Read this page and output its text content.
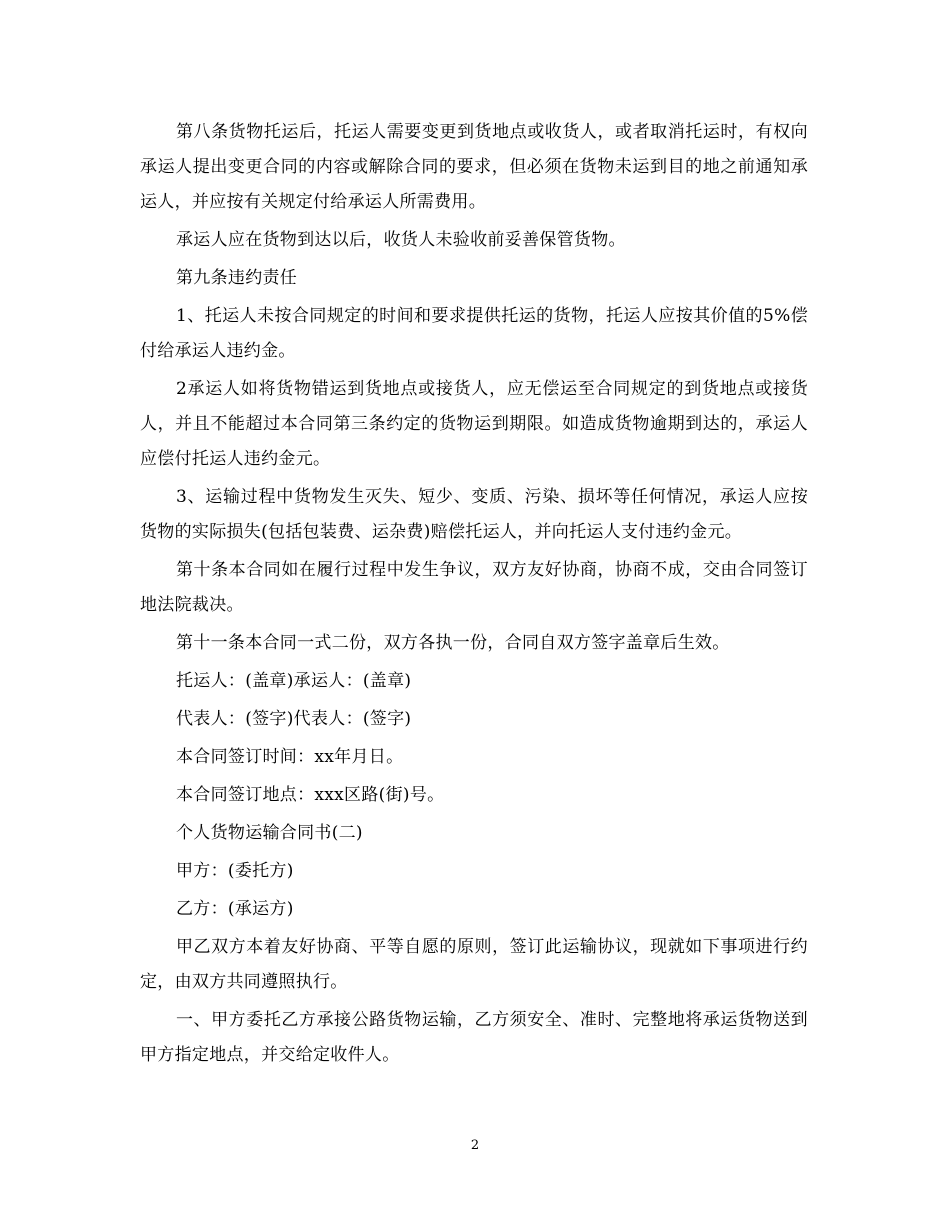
第八条货物托运后，托运人需要变更到货地点或收货人，或者取消托运时，有权向承运人提出变更合同的内容或解除合同的要求，但必须在货物未运到目的地之前通知承运人，并应按有关规定付给承运人所需费用。

承运人应在货物到达以后，收货人未验收前妥善保管货物。

第九条违约责任

1、托运人未按合同规定的时间和要求提供托运的货物，托运人应按其价值的5%偿付给承运人违约金。

2承运人如将货物错运到货地点或接货人，应无偿运至合同规定的到货地点或接货人，并且不能超过本合同第三条约定的货物运到期限。如造成货物逾期到达的，承运人应偿付托运人违约金元。

3、运输过程中货物发生灭失、短少、变质、污染、损坏等任何情况，承运人应按货物的实际损失(包括包装费、运杂费)赔偿托运人，并向托运人支付违约金元。

第十条本合同如在履行过程中发生争议，双方友好协商，协商不成，交由合同签订地法院裁决。

第十一条本合同一式二份，双方各执一份，合同自双方签字盖章后生效。

托运人：(盖章)承运人：(盖章)

代表人：(签字)代表人：(签字)

本合同签订时间：xx年月日。

本合同签订地点：xxx区路(街)号。

个人货物运输合同书(二)

甲方：(委托方)

乙方：(承运方)

甲乙双方本着友好协商、平等自愿的原则，签订此运输协议，现就如下事项进行约定，由双方共同遵照执行。

一、甲方委托乙方承接公路货物运输，乙方须安全、准时、完整地将承运货物送到甲方指定地点，并交给定收件人。

2
